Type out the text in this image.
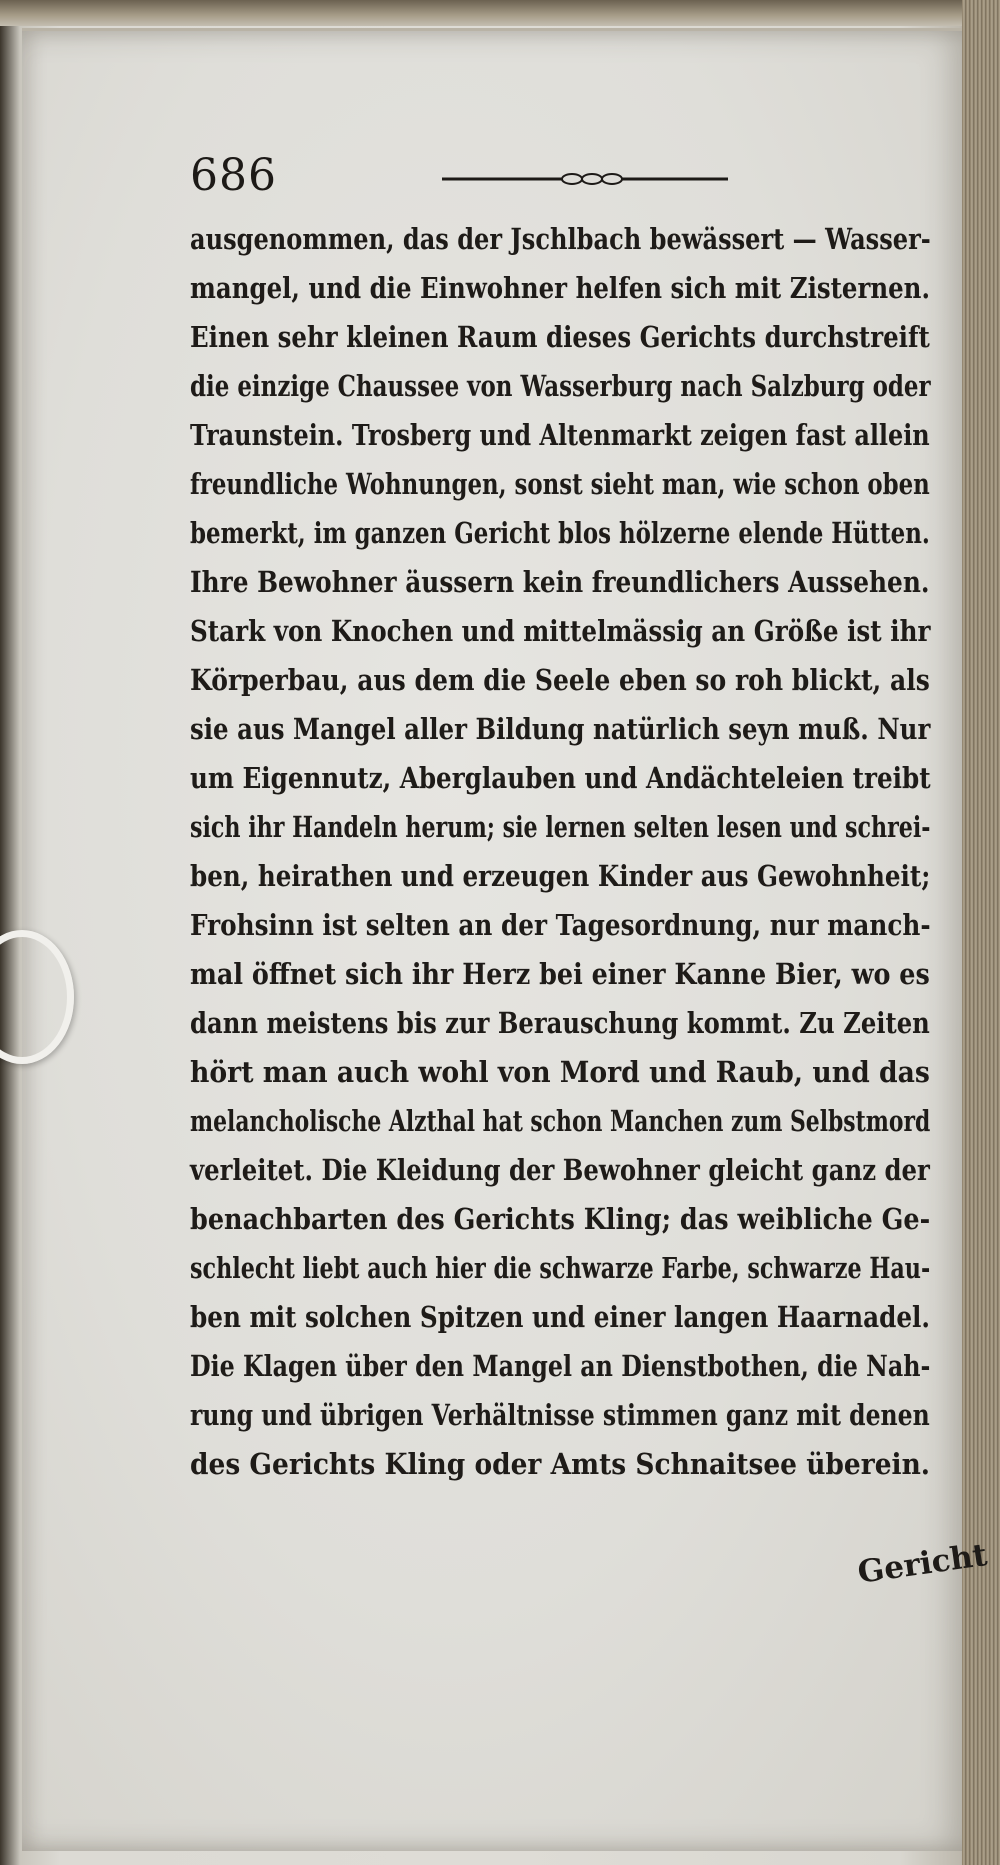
686
ausgenommen, das der Jschlbach bewässert — Wasser-
mangel, und die Einwohner helfen sich mit Zisternen.
Einen sehr kleinen Raum dieses Gerichts durchstreift
die einzige Chaussee von Wasserburg nach Salzburg oder
Traunstein. Trosberg und Altenmarkt zeigen fast allein
freundliche Wohnungen, sonst sieht man, wie schon oben
bemerkt, im ganzen Gericht blos hölzerne elende Hütten.
Ihre Bewohner äussern kein freundlichers Aussehen.
Stark von Knochen und mittelmässig an Größe ist ihr
Körperbau, aus dem die Seele eben so roh blickt, als
sie aus Mangel aller Bildung natürlich seyn muß. Nur
um Eigennutz, Aberglauben und Andächteleien treibt
sich ihr Handeln herum; sie lernen selten lesen und schrei-
ben, heirathen und erzeugen Kinder aus Gewohnheit;
Frohsinn ist selten an der Tagesordnung, nur manch-
mal öffnet sich ihr Herz bei einer Kanne Bier, wo es
dann meistens bis zur Berauschung kommt. Zu Zeiten
hört man auch wohl von Mord und Raub, und das
melancholische Alzthal hat schon Manchen zum Selbstmord
verleitet. Die Kleidung der Bewohner gleicht ganz der
benachbarten des Gerichts Kling; das weibliche Ge-
schlecht liebt auch hier die schwarze Farbe, schwarze Hau-
ben mit solchen Spitzen und einer langen Haarnadel.
Die Klagen über den Mangel an Dienstbothen, die Nah-
rung und übrigen Verhältnisse stimmen ganz mit denen
des Gerichts Kling oder Amts Schnaitsee überein.
Gericht
